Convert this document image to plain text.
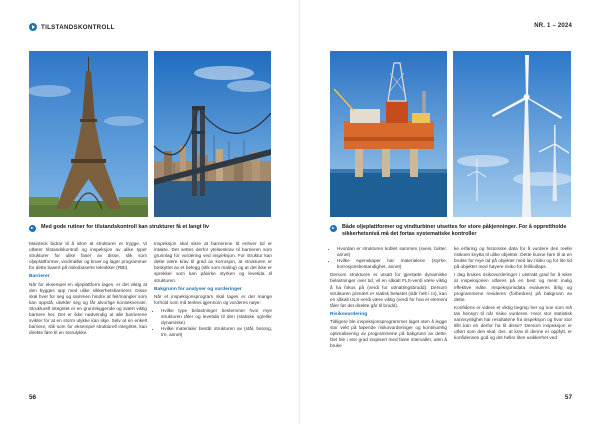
TILSTANDSKONTROLL
Med gode rutiner for tilstandskontroll kan strukturer få et langt liv

Mainteck bidrar til å sikre at strukturer er trygge. Vi utfører tilstandskontroll og inspeksjon av ulike typer strukturer for ulike faser av disse, slik som oljeplattformer, vindmøller og bruer og lager programmer for dette basert på risikobaserte teknikker (RBI).

Barrierer

Når for eksempel en oljeplattform lages, er det viktig at den bygges opp med ulike sikkerhetsbarrierer. Disse skal hver for seg og sammen hindre at feil/mangler som kan oppstå, utvikler seg og får alvorlige konsekvenser. Strukturell integritet er en grunnleggende og svært viktig barriere her. Det er ikke nødvendig at alle barrierene svikter for at en storm ulykke kan skje. Selv at en enkelt barriere, slik som for eksempel strukturell integritet, kan direkte føre til en storulykke.

Inspeksjon skal sikre at barrierene til enhver tid er intakte. Det settes derfor ytelseskrav til barrieren som grunnlag for vurdering ved inspeksjon. For struktur kan dette være krav til grad av korrosjon, at strukturen er beskyttet av et belegg (slik som maling) og at det ikke er sprekker som kan påvirke styrken og levetida til strukturen.

Bakgrunn for analyser og vurderinger

Når et inspeksjonsprogram skal lages er det mange forhold som må tenkes igjennom og vurderes nøye:

• Hvilke type belastninger bestemmer hvor mye strukturen tåler og levetida til den (statiske og/eller dynamiske)
• Hvilke materialer består strukturen av (stål, betong, tre, annet)
56
NR. 1 – 2024
Både oljeplattformer og vindturbiner utsettes for store påkjenninger. For å opprettholde sikkerhetsnivå må det fortas systematiske kontroller
• Hvordan er strukturen koblet sammen (sveis, bolter, annet)
• Hvilke egenskaper har materialene (styrke, korrosjonsbestandighet, annet)

Dersom strukturen er utsatt for gjentatte dynamiske belastninger over tid, vil en såkalt FLS-verdi være viktig å ha fokus på (verdi for utmattingsbrudd). Dersom strukturen primært er statisk belastet (står helt i ro), kan en såkalt ULS-verdi være viktig (verdi for hva et element tåler før det direkte går til brudd).

Risikovurdering

Tidligere ble inspeksjonsprogrammer laget uten å legge stor vekt på løpende risikovurderinger og kontinuerlig optimalisering av programmene på bakgrunn av dette. Det ble i stor grad inspisert med faste intervaller, uten å bruke

ke erfaring og historiske data for å vurdere den reelle risikoen knytta til ulike objekter. Dette kunne føre til at en brukte for mye tid på objekter med lav risiko og for lite tid på objekter med høyere risiko for feil/kollaps.

I dag brukes risikovurderinger i utstrakt grad for å sikre at inspeksjonen utføres på en best og mest mulig effektive måte. Inspeksjonsdata evalueres årlig og programmene revideres (forbedres) på bakgrunn av dette.

Konfidens er videre et viktig begrep her og noe som må tas hensyn til når risiko vurderes. Hvor stor statistisk sannsynlighet har resultatene fra inspeksjon og hvor stor tillit kan en derfor ha til disse? Dersom inspeksjon er utført som den skal, dvs. at krav til denne er oppfylt, er konfidensen god og det heller liten usikkerhet ved

57
